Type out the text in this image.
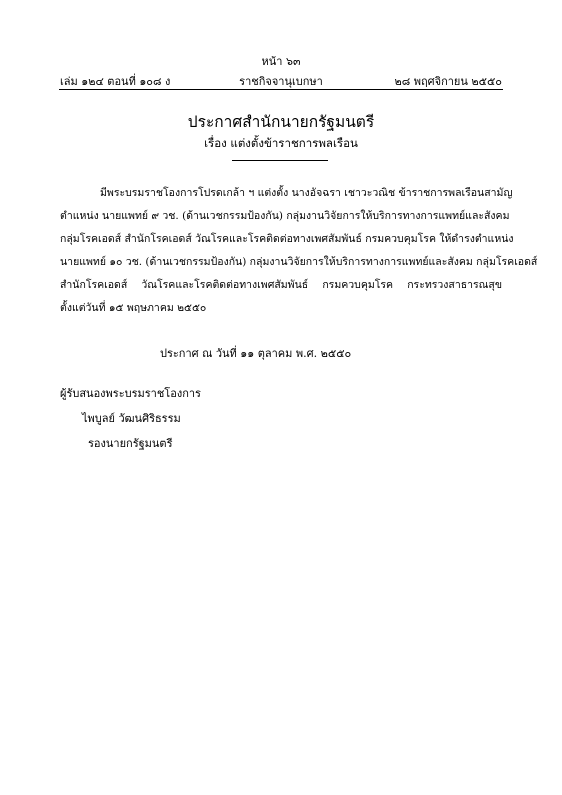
หน้า ๖๓
เล่ม ๑๒๔ ตอนที่ ๑๐๘ ง	ราชกิจจานุเบกษา	๒๘ พฤศจิกายน ๒๕๕๐
ประกาศสำนักนายกรัฐมนตรี
เรื่อง แต่งตั้งข้าราชการพลเรือน
มีพระบรมราชโองการโปรดเกล้า ฯ แต่งตั้ง นางอัจฉรา เชาวะวณิช ข้าราชการพลเรือนสามัญ
ตำแหน่ง นายแพทย์ ๙ วช. (ด้านเวชกรรมป้องกัน) กลุ่มงานวิจัยการให้บริการทางการแพทย์และสังคม
กลุ่มโรคเอดส์ สำนักโรคเอดส์ วัณโรคและโรคติดต่อทางเพศสัมพันธ์ กรมควบคุมโรค ให้ดำรงตำแหน่ง
นายแพทย์ ๑๐ วช. (ด้านเวชกรรมป้องกัน) กลุ่มงานวิจัยการให้บริการทางการแพทย์และสังคม กลุ่มโรคเอดส์
สำนักโรคเอดส์ วัณโรคและโรคติดต่อทางเพศสัมพันธ์ กรมควบคุมโรค กระทรวงสาธารณสุข
ตั้งแต่วันที่ ๑๕ พฤษภาคม ๒๕๕๐
ประกาศ ณ วันที่ ๑๑ ตุลาคม พ.ศ. ๒๕๕๐
ผู้รับสนองพระบรมราชโองการ
ไพบูลย์ วัฒนศิริธรรม
รองนายกรัฐมนตรี
